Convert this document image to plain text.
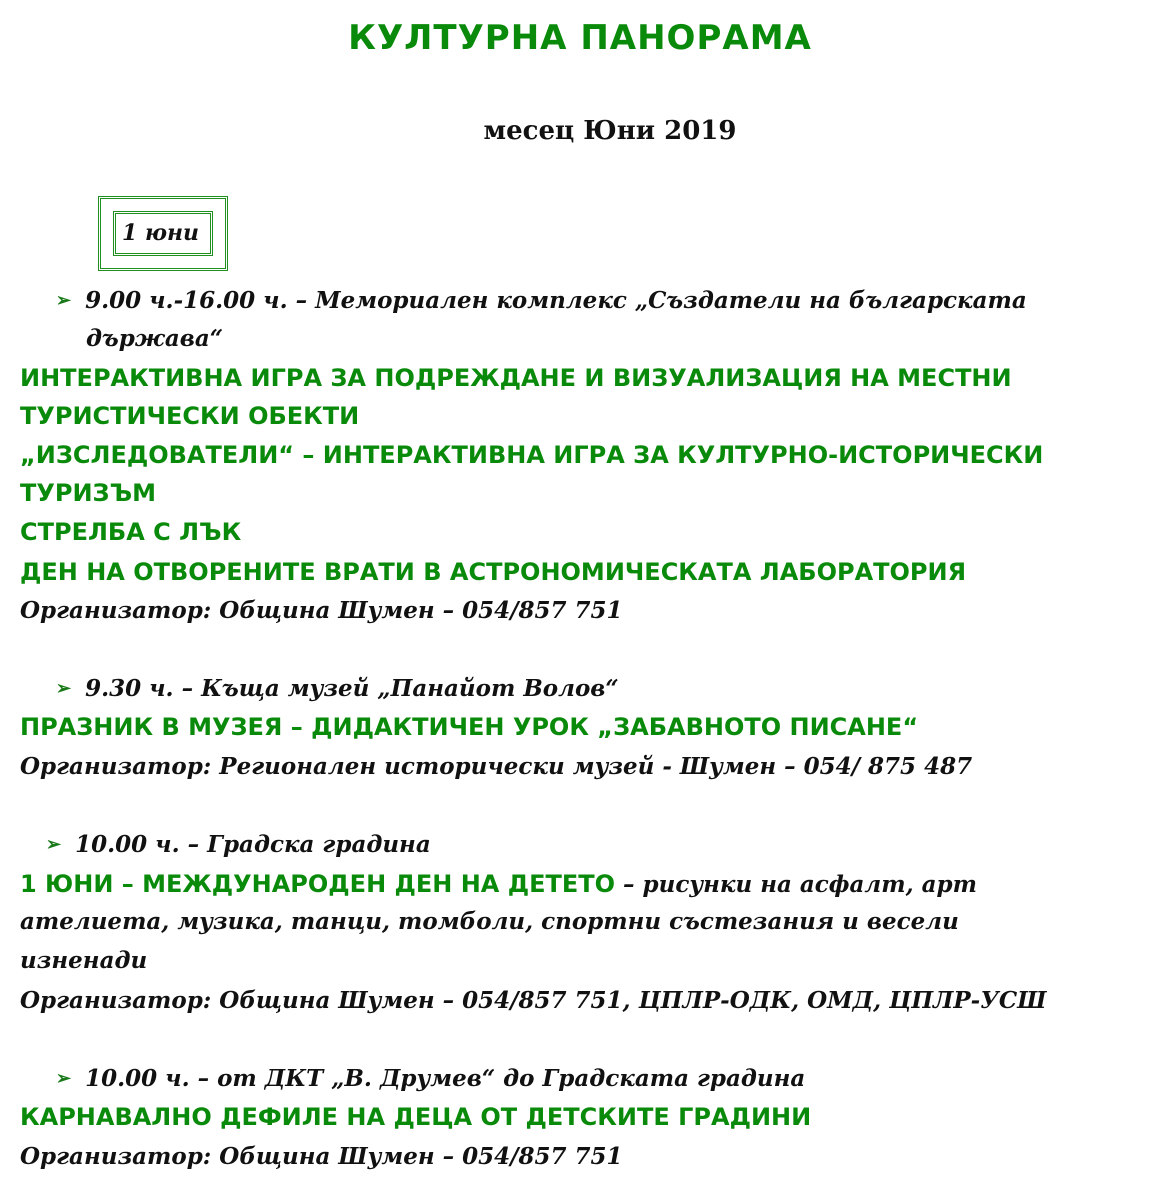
КУЛТУРНА ПАНОРАМА
месец Юни 2019
1 юни
➢ 9.00 ч.-16.00 ч. – Мемориален комплекс „Създатели на българската
държава“
ИНТЕРАКТИВНА ИГРА ЗА ПОДРЕЖДАНЕ И ВИЗУАЛИЗАЦИЯ НА МЕСТНИ
ТУРИСТИЧЕСКИ ОБЕКТИ
„ИЗСЛЕДОВАТЕЛИ“ – ИНТЕРАКТИВНА ИГРА ЗА КУЛТУРНО-ИСТОРИЧЕСКИ
ТУРИЗЪМ
СТРЕЛБА С ЛЪК
ДЕН НА ОТВОРЕНИТЕ ВРАТИ В АСТРОНОМИЧЕСКАТА ЛАБОРАТОРИЯ
Организатор: Община Шумен – 054/857 751
➢ 9.30 ч. – Къща музей „Панайот Волов“
ПРАЗНИК В МУЗЕЯ – ДИДАКТИЧЕН УРОК „ЗАБАВНОТО ПИСАНЕ“
Организатор: Регионален исторически музей - Шумен – 054/ 875 487
➢ 10.00 ч. – Градска градина
1 ЮНИ – МЕЖДУНАРОДЕН ДЕН НА ДЕТЕТО – рисунки на асфалт, арт
ателиета, музика, танци, томболи, спортни състезания и весели
изненади
Организатор: Община Шумен – 054/857 751, ЦПЛР-ОДК, ОМД, ЦПЛР-УСШ
➢ 10.00 ч. – от ДКТ „В. Друмев“ до Градската градина
КАРНАВАЛНО ДЕФИЛЕ НА ДЕЦА ОТ ДЕТСКИТЕ ГРАДИНИ
Организатор: Община Шумен – 054/857 751
